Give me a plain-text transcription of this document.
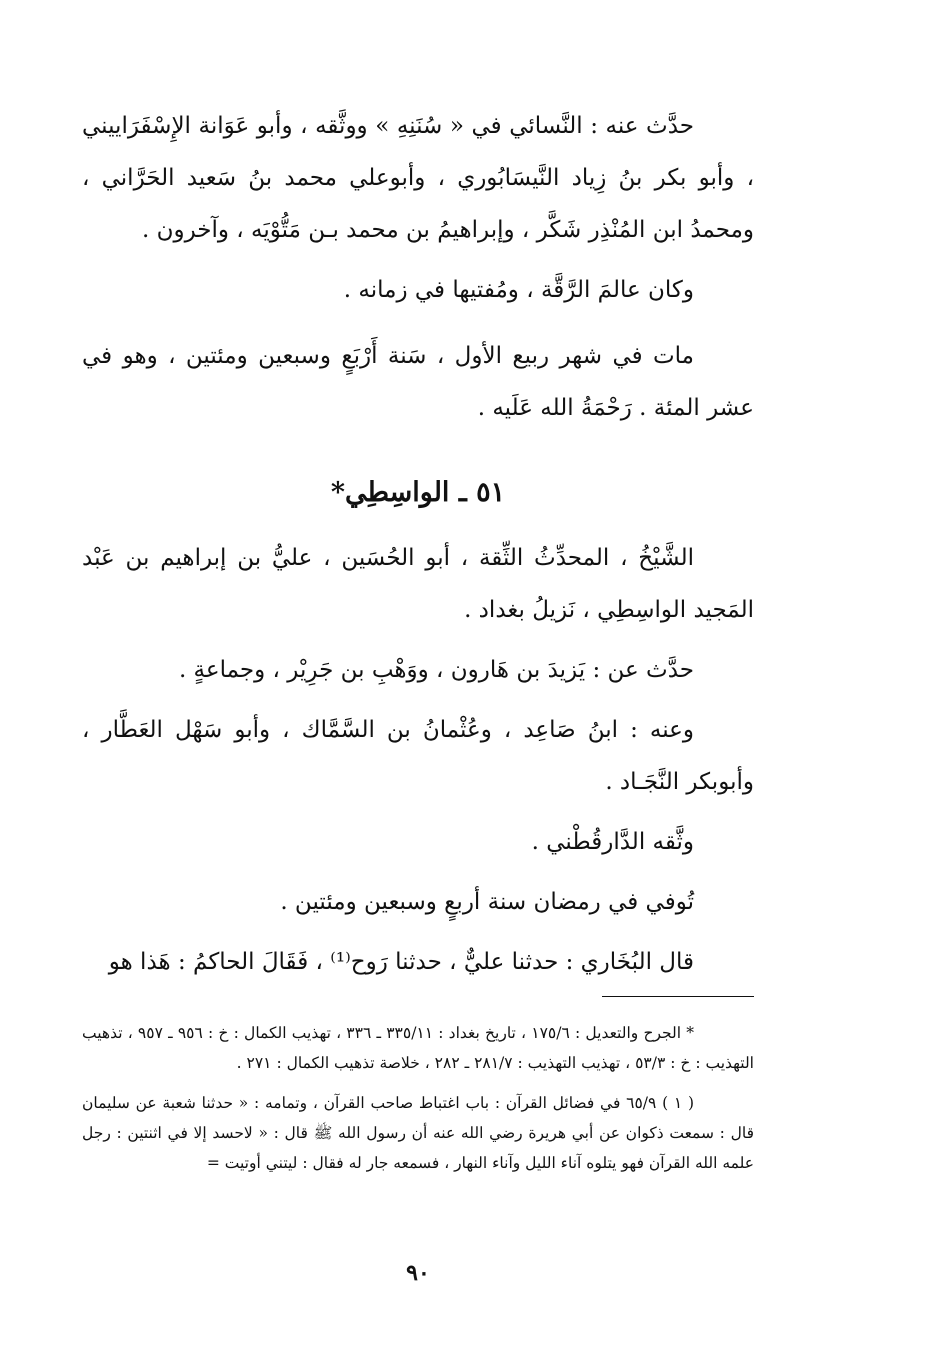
حدَّث عنه : النَّسائي في « سُنَنِهِ » ووثَّقه ، وأبو عَوَانة الإِسْفَرَاييني ، وأبو بكر بنُ زِياد النَّيسَابُوري ، وأبوعلي محمد بنُ سَعيد الحَرَّاني ، ومحمدُ ابن المُنْذِر شَكَّر ، وإبراهيمُ بن محمد بـن مَتُّوْيَه ، وآخرون .

وكان عالمَ الرَّقَّة ، ومُفتيها في زمانه .

مات في شهر ربيع الأول ، سَنة أَرْبَعٍ وسبعين ومئتين ، وهو في عشر المئة . رَحْمَةُ الله عَلَيه .

٥١ ـ الواسِطِي*

الشَّيْخُ ، المحدِّثُ الثِّقة ، أبو الحُسَين ، عليُّ بن إبراهيم بن عَبْد المَجيد الواسِطِي ، نَزيلُ بغداد .

حدَّث عن : يَزيدَ بن هَارون ، ووَهْبِ بن جَرِيْر ، وجماعةٍ .

وعنه : ابنُ صَاعِد ، وعُثْمانُ بن السَّمَّاك ، وأبو سَهْل العَطَّار ، وأبوبكر النَّجَـاد .

وثَّقه الدَّارقُطْني .

تُوفي في رمضان سنة أربعٍ وسبعين ومئتين .

قال البُخَاري : حدثنا عليٌّ ، حدثنا رَوح⁽¹⁾ ، فَقَالَ الحاكمُ : هَذا هو

* الجرح والتعديل : ١٧٥/٦ ، تاريخ بغداد : ٣٣٥/١١ ـ ٣٣٦ ، تهذيب الكمال : خ : ٩٥٦ ـ ٩٥٧ ، تذهيب التهذيب : خ : ٥٣/٣ ، تهذيب التهذيب : ٢٨١/٧ ـ ٢٨٢ ، خلاصة تذهيب الكمال : ٢٧١ .

( ١ ) ٦٥/٩ في فضائل القرآن : باب اغتباط صاحب القرآن ، وتمامه : « حدثنا شعبة عن سليمان قال : سمعت ذكوان عن أبي هريرة رضي الله عنه أن رسول الله ﷺ قال : « لاحسد إلا في اثنتين : رجل علمه الله القرآن فهو يتلوه آناء الليل وآناء النهار ، فسمعه جار له فقال : ليتني أوتيت =

٩٠
